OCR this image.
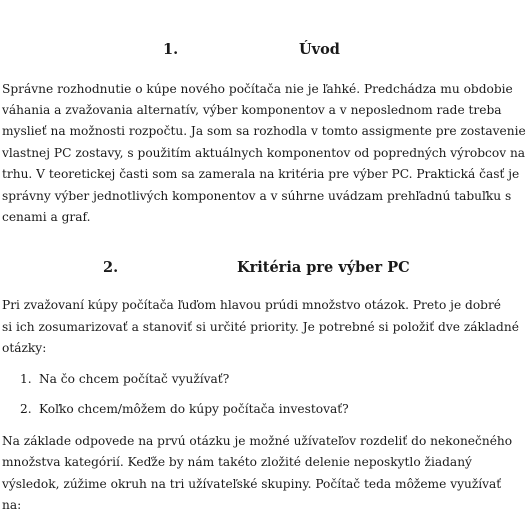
1.	Úvod
Správne rozhodnutie o kúpe nového počítača nie je ľahké. Predchádza mu obdobie
váhania a zvažovania alternatív, výber komponentov a v neposlednom rade treba
myslieť na možnosti rozpočtu. Ja som sa rozhodla v tomto assigmente pre zostavenie
vlastnej PC zostavy, s použitím aktuálnych komponentov od popredných výrobcov na
trhu. V teoretickej časti som sa zamerala na kritéria pre výber PC. Praktická časť je
správny výber jednotlivých komponentov a v súhrne uvádzam prehľadnú tabuľku s
cenami a graf.
2.	Kritéria pre výber PC
Pri zvažovaní kúpy počítača ľuďom hlavou prúdi množstvo otázok. Preto je dobré
si ich zosumarizovať a stanoviť si určité priority. Je potrebné si položiť dve základné
otázky:
1. Na čo chcem počítač využívať?
2. Koľko chcem/môžem do kúpy počítača investovať?
Na základe odpovede na prvú otázku je možné užívateľov rozdeliť do nekonečného
množstva kategórií. Keďže by nám takéto zložité delenie neposkytlo žiadaný
výsledok, zúžime okruh na tri užívateľské skupiny. Počítač teda môžeme využívať
na:
